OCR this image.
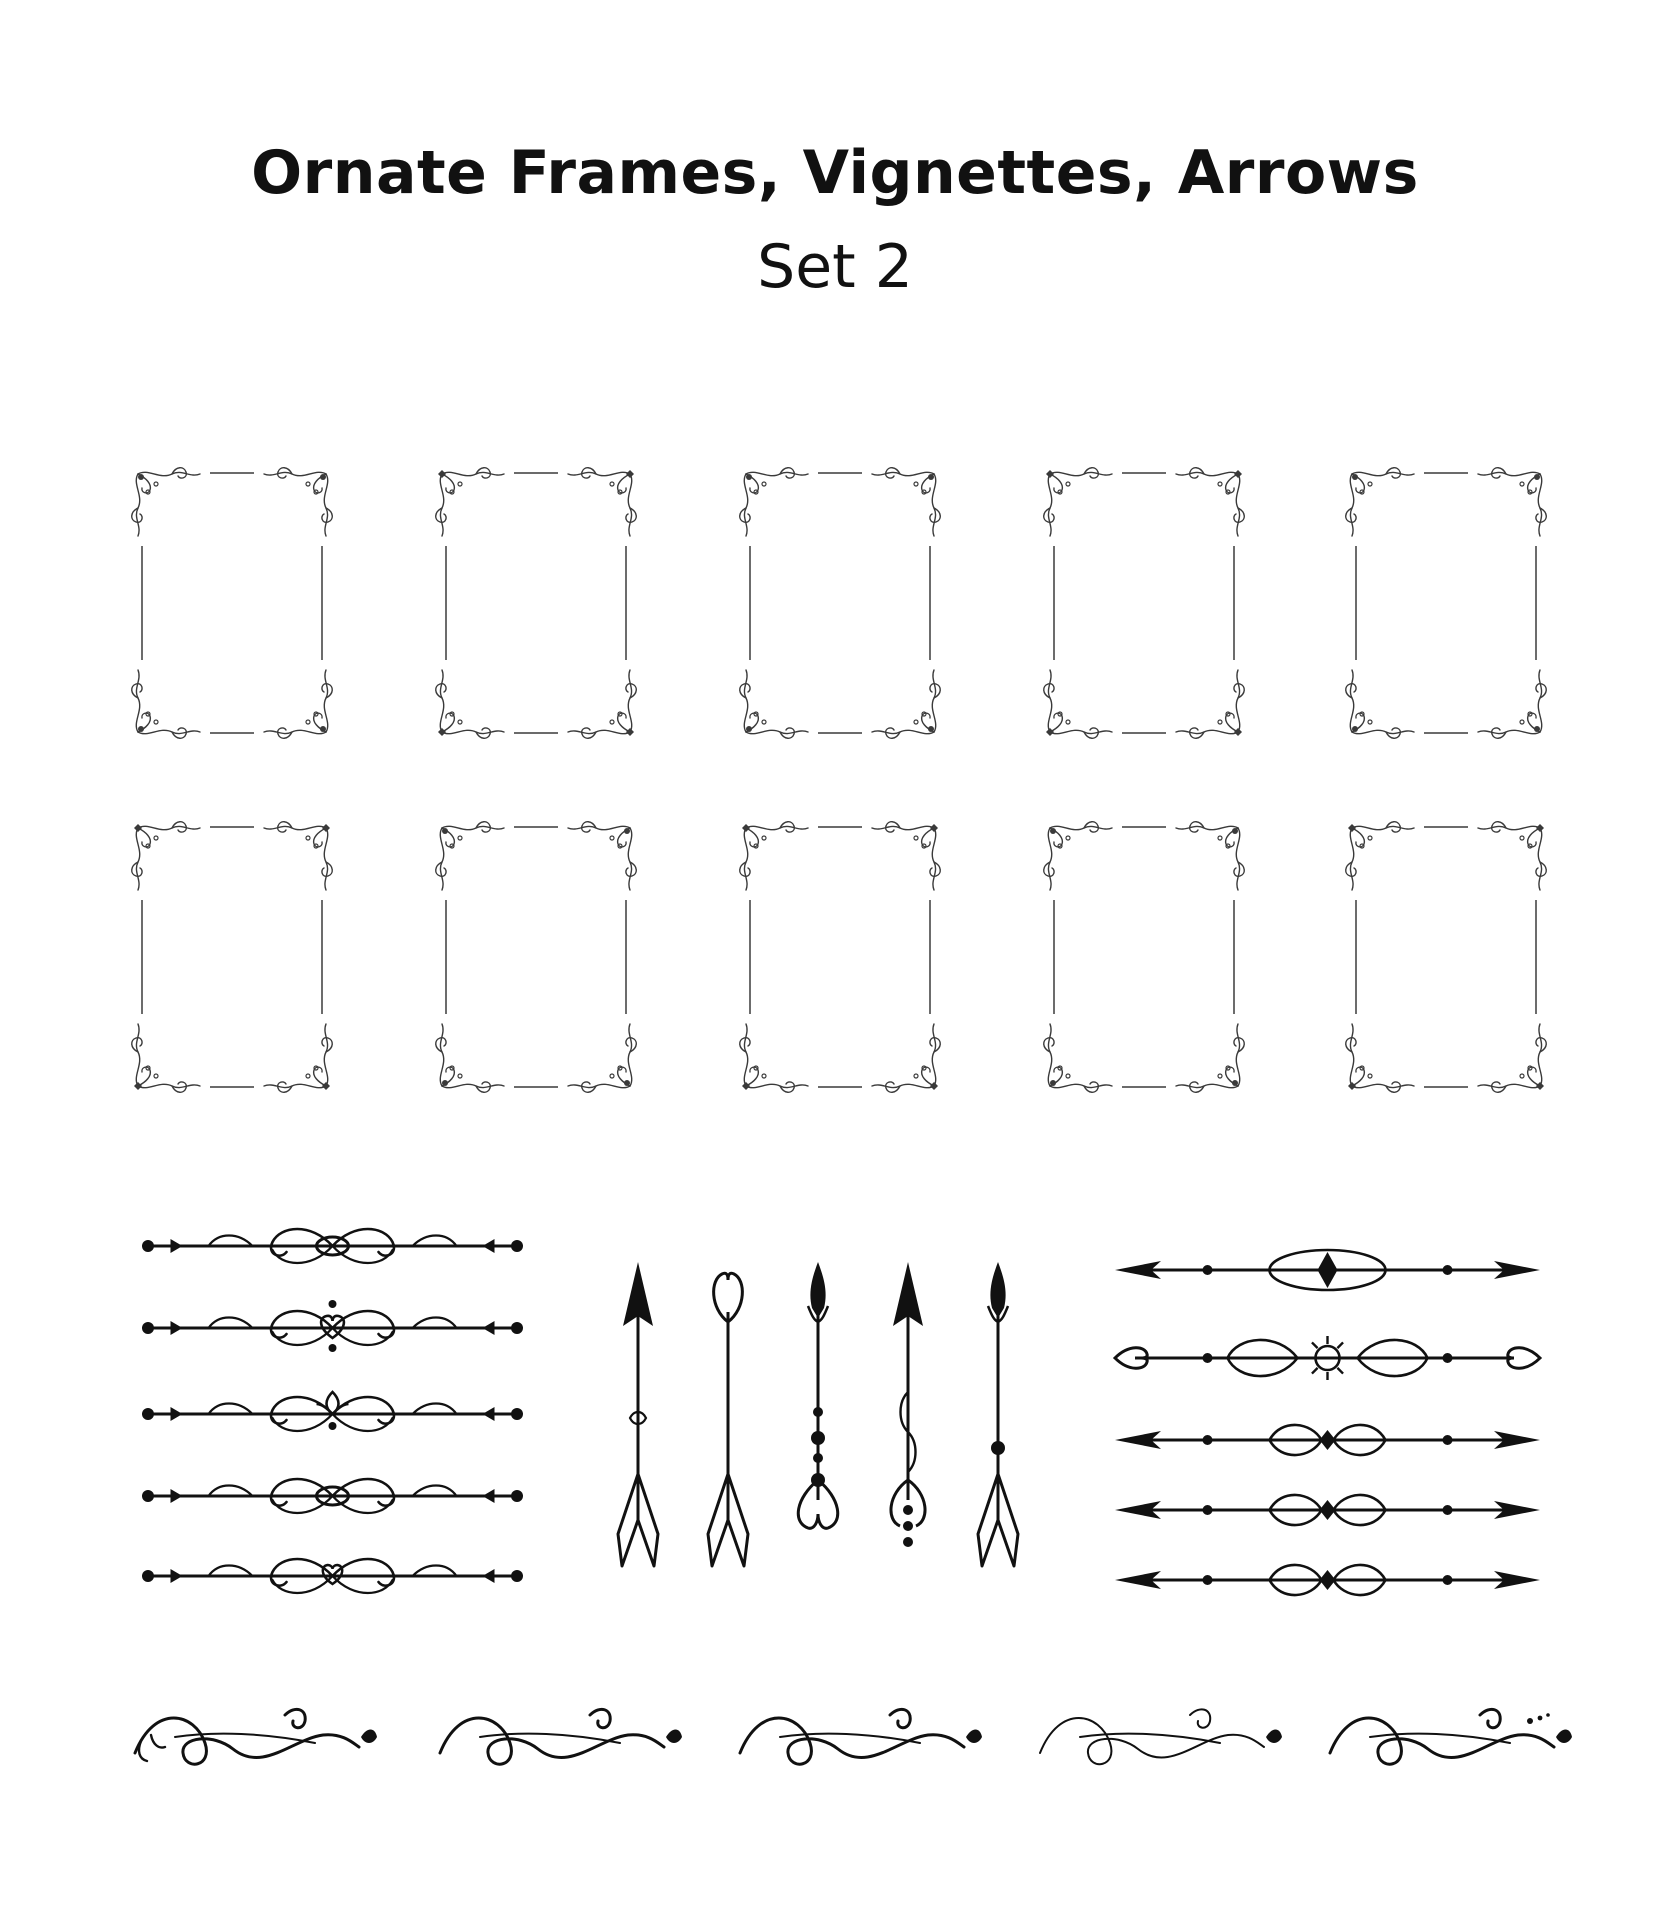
Ornate Frames, Vignettes, Arrows
Set 2
